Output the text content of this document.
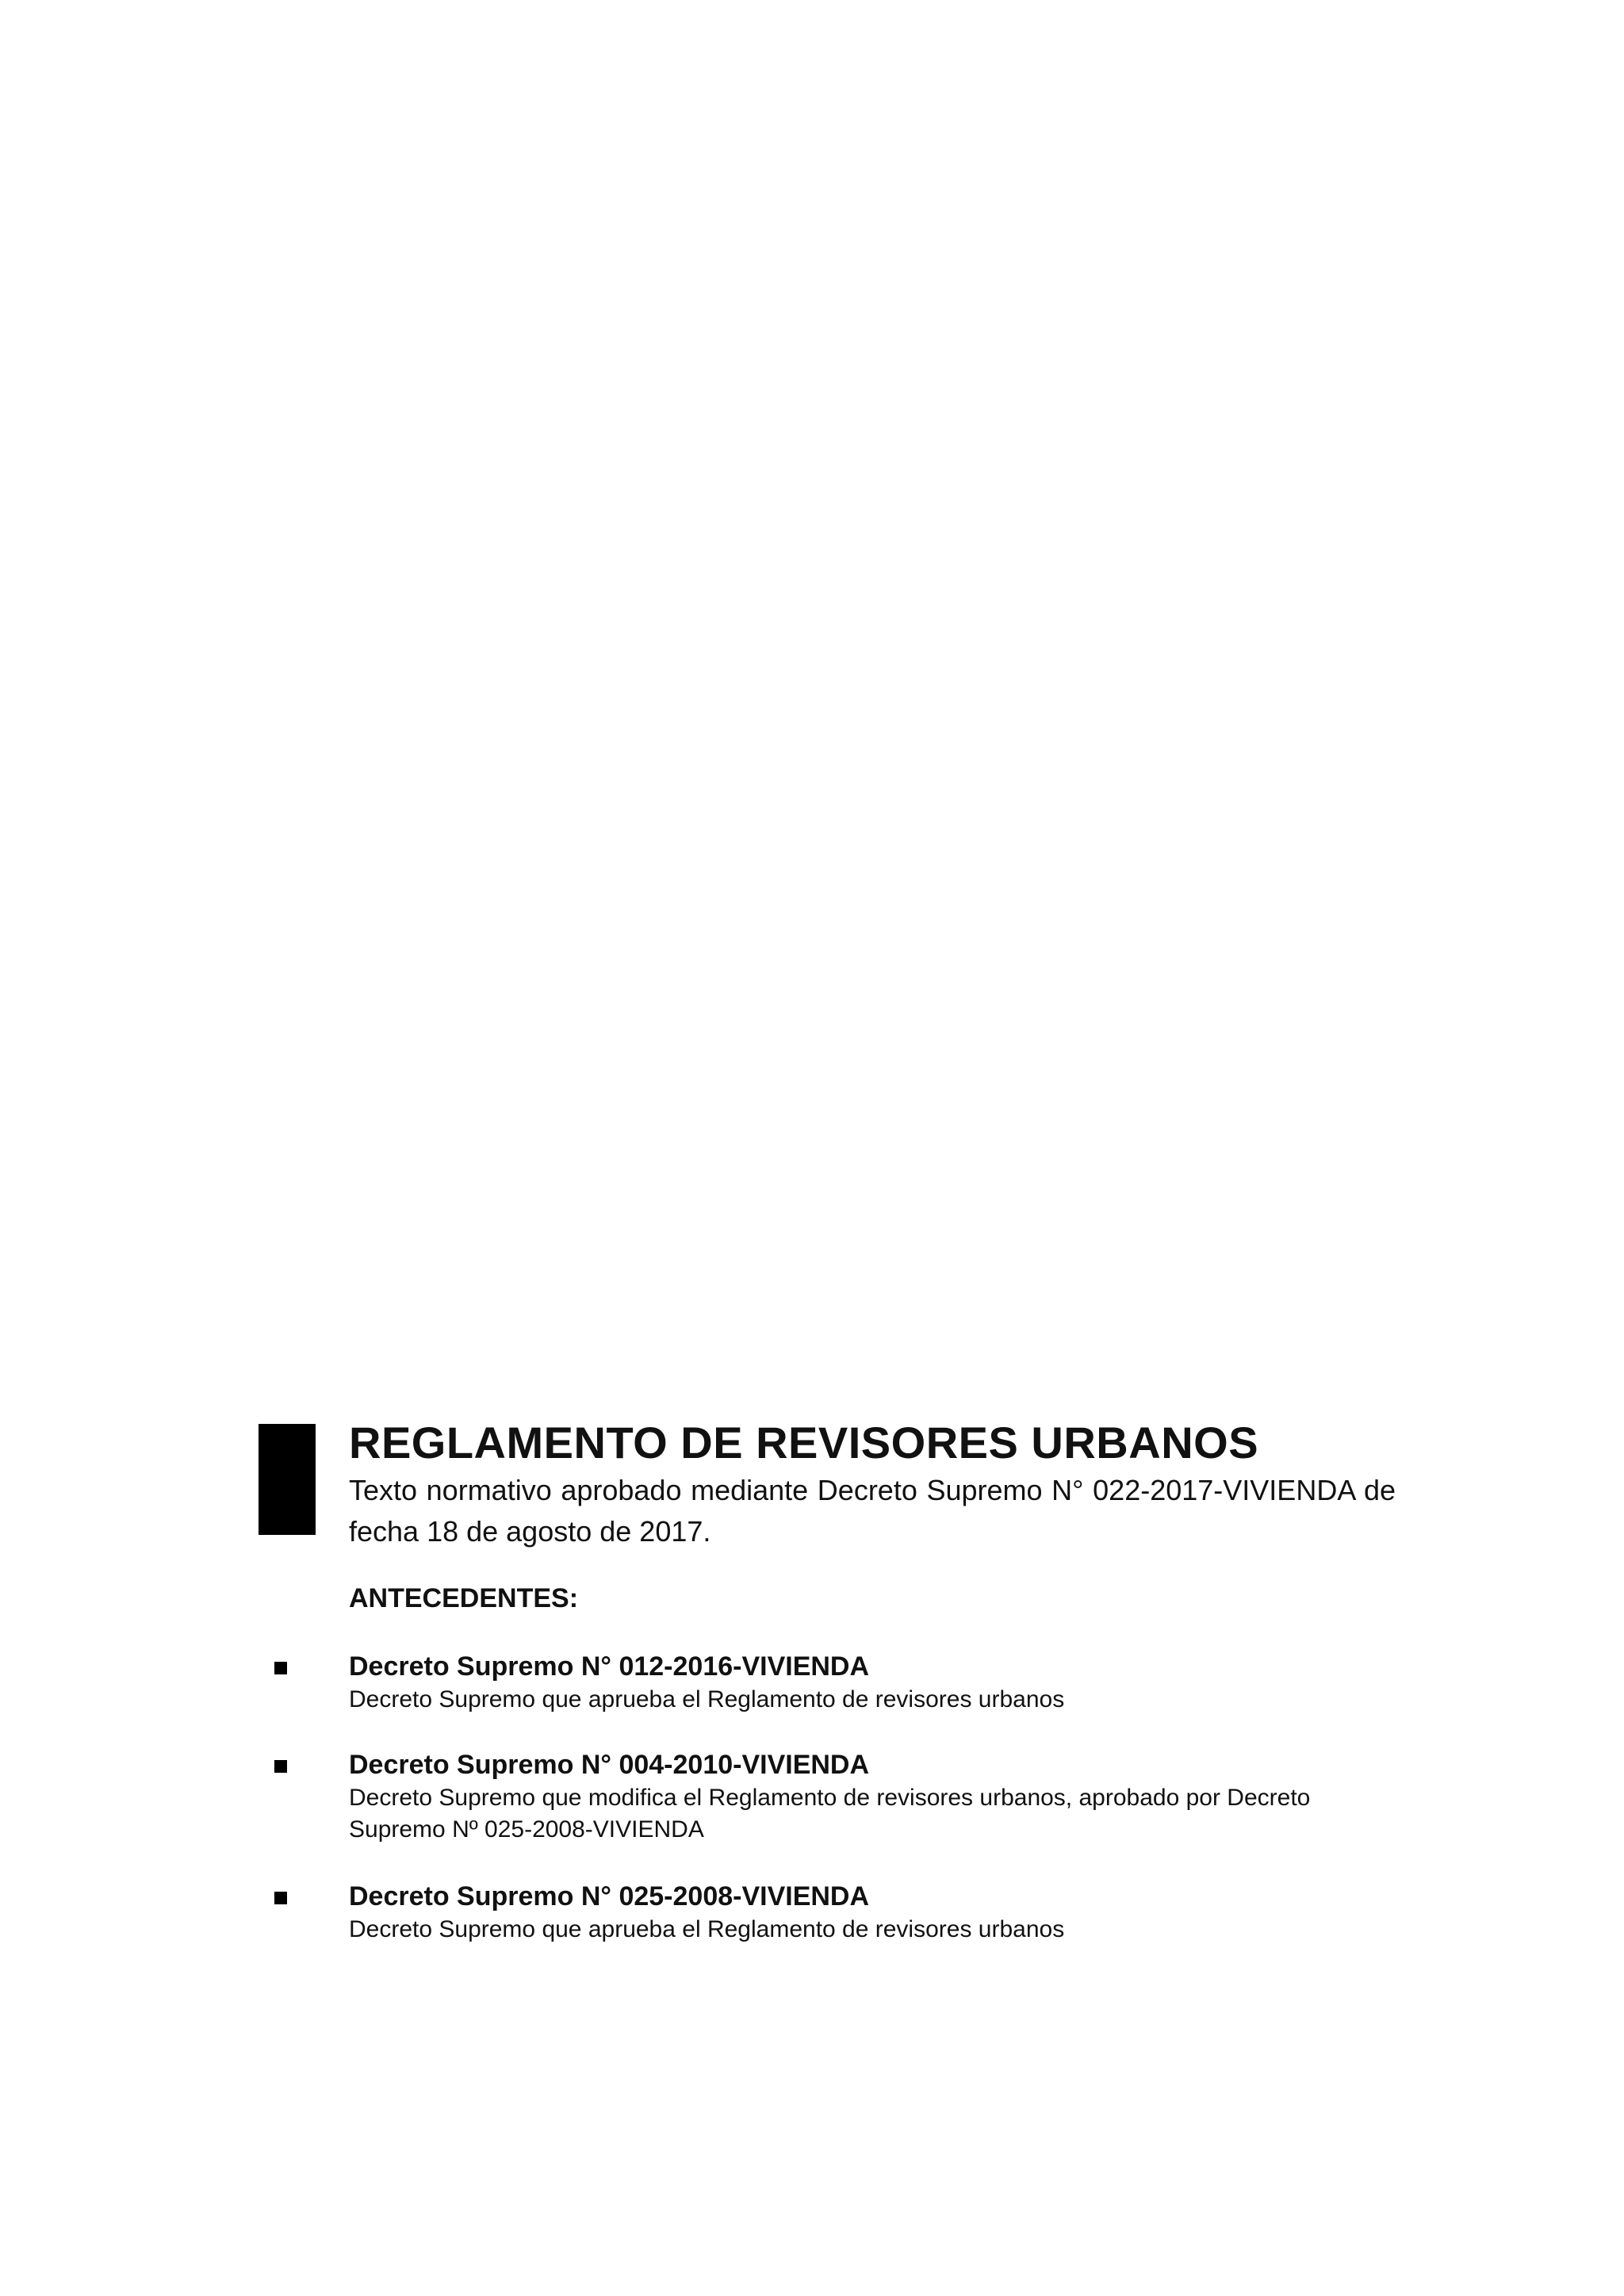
REGLAMENTO DE REVISORES URBANOS

Texto normativo aprobado mediante Decreto Supremo N° 022-2017-VIVIENDA de fecha 18 de agosto de 2017.

ANTECEDENTES:

Decreto Supremo N° 012-2016-VIVIENDA

Decreto Supremo que aprueba el Reglamento de revisores urbanos

Decreto Supremo N° 004-2010-VIVIENDA

Decreto Supremo que modifica el Reglamento de revisores urbanos, aprobado por Decreto Supremo Nº 025-2008-VIVIENDA

Decreto Supremo N° 025-2008-VIVIENDA

Decreto Supremo que aprueba el Reglamento de revisores urbanos
